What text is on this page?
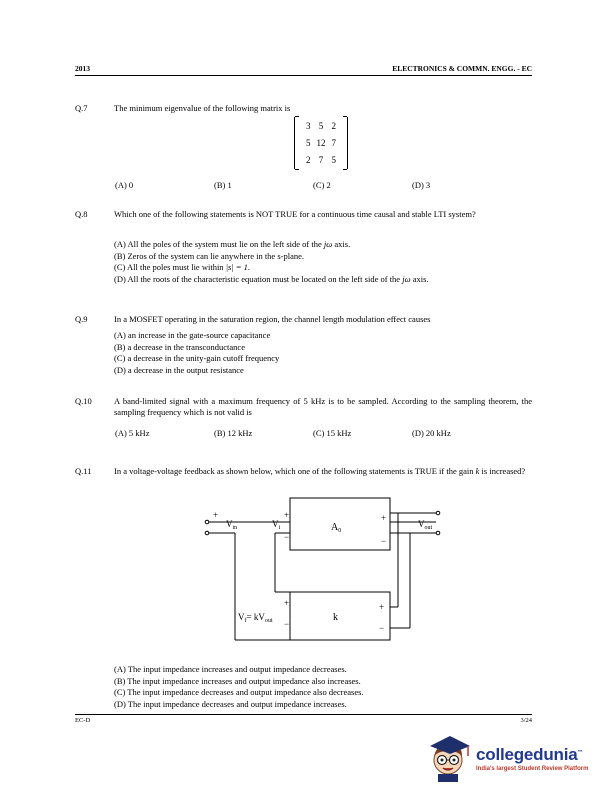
2013	ELECTRONICS & COMMN. ENGG. - EC
Q.7	The minimum eigenvalue of the following matrix is
3	5	2
5	12	7
2	7	5
(A) 0	(B) 1	(C) 2	(D) 3
Q.8	Which one of the following statements is NOT TRUE for a continuous time causal and stable LTI system?
(A) All the poles of the system must lie on the left side of the jω axis.
(B) Zeros of the system can lie anywhere in the s-plane.
(C) All the poles must lie within |s| = 1.
(D) All the roots of the characteristic equation must be located on the left side of the jω axis.
Q.9	In a MOSFET operating in the saturation region, the channel length modulation effect causes
(A) an increase in the gate-source capacitance
(B) a decrease in the transconductance
(C) a decrease in the unity-gain cutoff frequency
(D) a decrease in the output resistance
Q.10	A band-limited signal with a maximum frequency of 5 kHz is to be sampled. According to the sampling theorem, the sampling frequency which is not valid is
(A) 5 kHz	(B) 12 kHz	(C) 15 kHz	(D) 20 kHz
Q.11	In a voltage-voltage feedback as shown below, which one of the following statements is TRUE if the gain k is increased?
+
$V_{in}$	$V_i$
+
−
$A_0$
+
−
$V_{out}$
$V_f= kV_{out}$
+
−
k
+
−
(A) The input impedance increases and output impedance decreases.
(B) The input impedance increases and output impedance also increases.
(C) The input impedance decreases and output impedance also decreases.
(D) The input impedance decreases and output impedance increases.
EC-D	3/24
collegedunia™
India's largest Student Review Platform
